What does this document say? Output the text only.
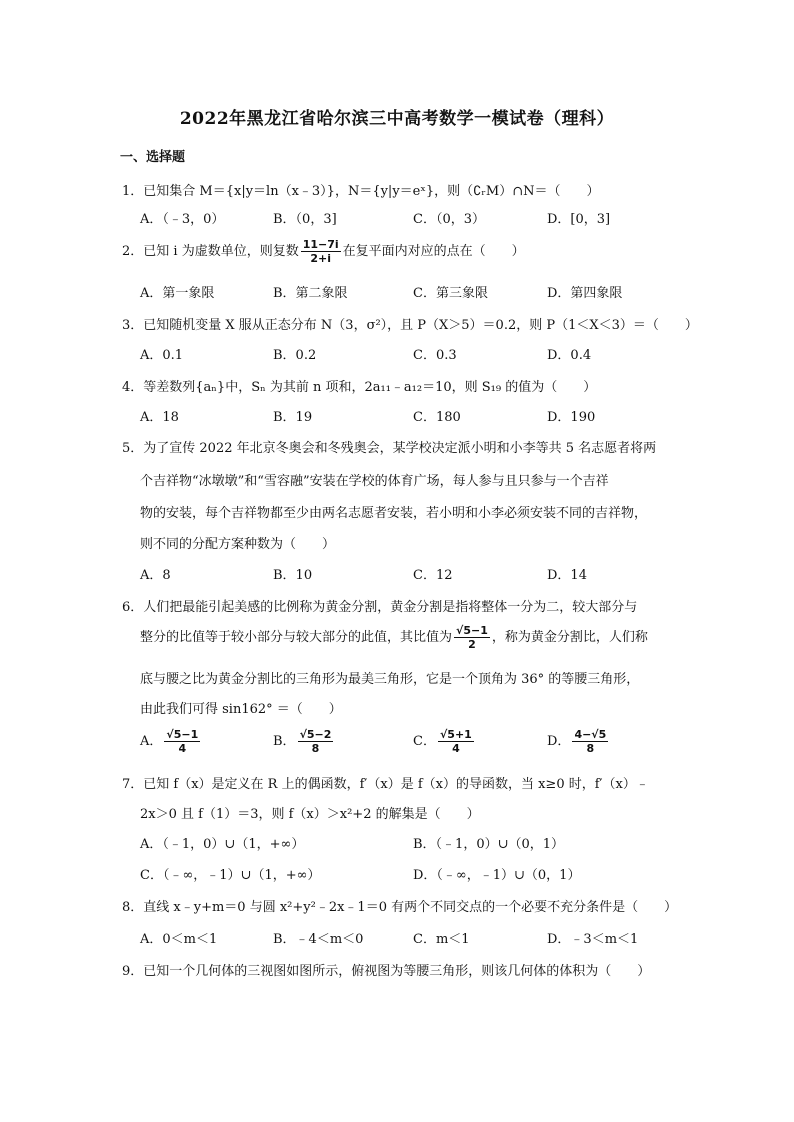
2022年黑龙江省哈尔滨三中高考数学一模试卷（理科）
一、选择题
1．已知集合 M＝{x|y＝ln（x﹣3）}，N＝{y|y＝eˣ}，则（∁ᵣM）∩N＝（　　）
A．（﹣3，0）	B．（0，3]	C．（0，3）	D．[0，3]
2．已知 i 为虚数单位，则复数 $\frac{11-7i}{2+i}$ 在复平面内对应的点在（　　）
A．第一象限	B．第二象限	C．第三象限	D．第四象限
3．已知随机变量 X 服从正态分布 N（3，σ²），且 P（X＞5）＝0.2，则 P（1＜X＜3）＝（　　）
A．0.1	B．0.2	C．0.3	D．0.4
4．等差数列{aₙ}中，Sₙ 为其前 n 项和，2a₁₁﹣a₁₂＝10，则 S₁₉ 的值为（　　）
A．18	B．19	C．180	D．190
5．为了宣传 2022 年北京冬奥会和冬残奥会，某学校决定派小明和小李等共 5 名志愿者将两
个吉祥物“冰墩墩”和“雪容融”安装在学校的体育广场，每人参与且只参与一个吉祥
物的安装，每个吉祥物都至少由两名志愿者安装，若小明和小李必须安装不同的吉祥物，
则不同的分配方案种数为（　　）
A．8	B．10	C．12	D．14
6．人们把最能引起美感的比例称为黄金分割，黄金分割是指将整体一分为二，较大部分与
整分的比值等于较小部分与较大部分的此值，其比值为 $\frac{√5-1}{2}$ ，称为黄金分割比，人们称
底与腰之比为黄金分割比的三角形为最美三角形，它是一个顶角为 36° 的等腰三角形，
由此我们可得 sin162° ＝（　　）
A． $\frac{√5-1}{4}$	B． $\frac{√5-2}{8}$	C． $\frac{√5+1}{4}$	D． $\frac{4-√5}{8}$
7．已知 f（x）是定义在 R 上的偶函数，f′（x）是 f（x）的导函数，当 x≥0 时，f′（x）﹣
2x＞0 且 f（1）＝3，则 f（x）＞x²+2 的解集是（　　）
A．（﹣1，0）∪（1，+∞）	B．（﹣1，0）∪（0，1）
C．（﹣∞，﹣1）∪（1，+∞）	D．（﹣∞，﹣1）∪（0，1）
8．直线 x﹣y+m＝0 与圆 x²+y²﹣2x﹣1＝0 有两个不同交点的一个必要不充分条件是（　　）
A．0＜m＜1	B．﹣4＜m＜0	C．m＜1	D．﹣3＜m＜1
9．已知一个几何体的三视图如图所示，俯视图为等腰三角形，则该几何体的体积为（　　）
